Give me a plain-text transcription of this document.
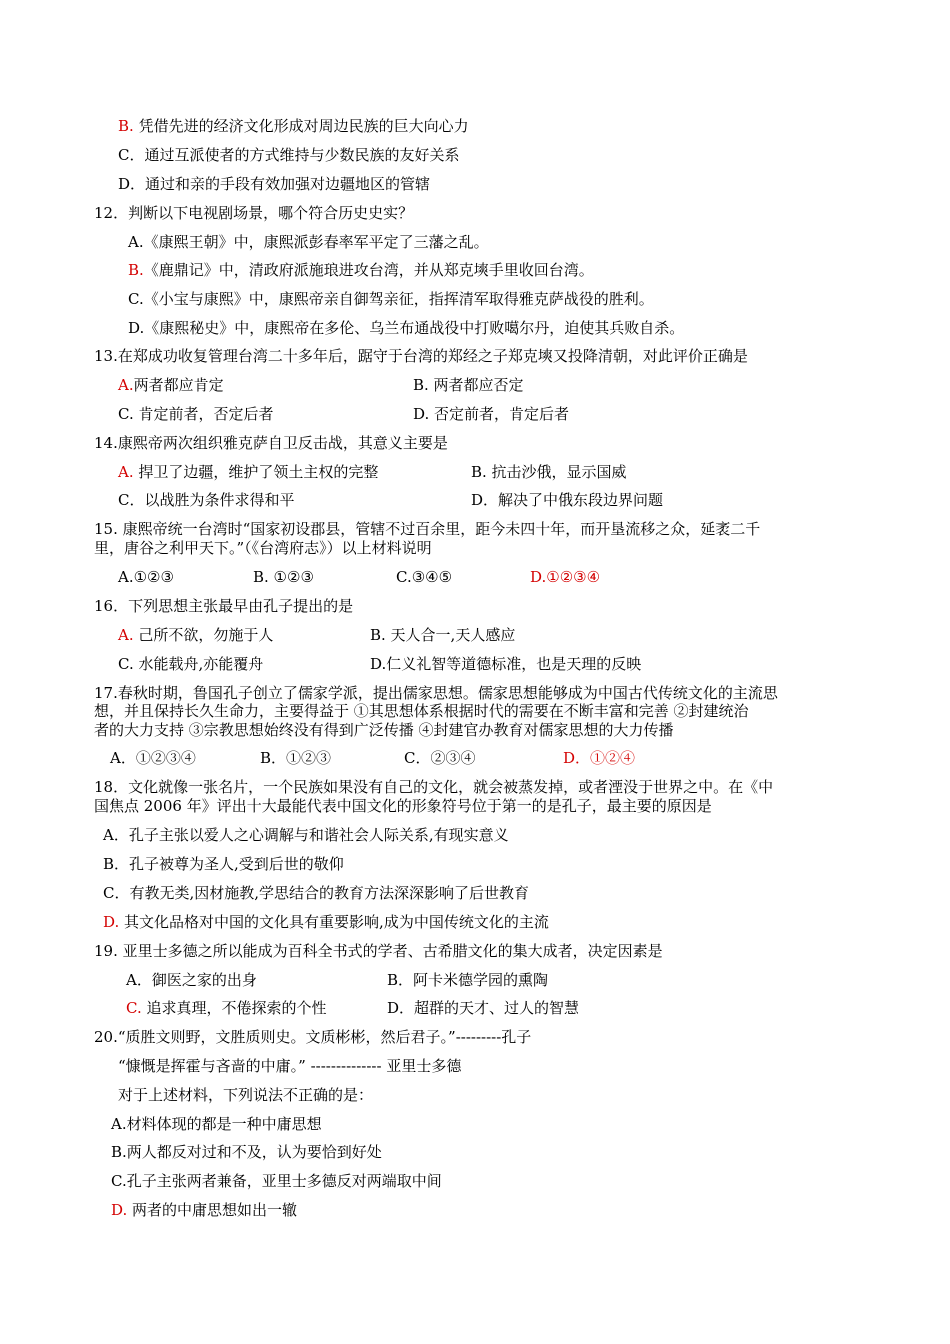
B. 凭借先进的经济文化形成对周边民族的巨大向心力
C．通过互派使者的方式维持与少数民族的友好关系
D．通过和亲的手段有效加强对边疆地区的管辖
12．判断以下电视剧场景，哪个符合历史史实？
A.《康熙王朝》中，康熙派彭春率军平定了三藩之乱。
B.《鹿鼎记》中，清政府派施琅进攻台湾，并从郑克塽手里收回台湾。
C.《小宝与康熙》中，康熙帝亲自御驾亲征，指挥清军取得雅克萨战役的胜利。
D.《康熙秘史》中，康熙帝在多伦、乌兰布通战役中打败噶尔丹，迫使其兵败自杀。
13.在郑成功收复管理台湾二十多年后，踞守于台湾的郑经之子郑克塽又投降清朝，对此评价正确是
A.两者都应肯定	B. 两者都应否定
C. 肯定前者，否定后者	D. 否定前者，肯定后者
14.康熙帝两次组织雅克萨自卫反击战，其意义主要是
A. 捍卫了边疆，维护了领土主权的完整	B. 抗击沙俄，显示国威
C．以战胜为条件求得和平	D．解决了中俄东段边界问题
15. 康熙帝统一台湾时“国家初设郡县，管辖不过百余里，距今未四十年，而开垦流移之众，延袤二千
里，唐谷之利甲天下。”（《台湾府志》）以上材料说明
A.①②③	B. ①②③	C.③④⑤	D.①②③④
16．下列思想主张最早由孔子提出的是
A. 己所不欲，勿施于人	B. 天人合一,天人感应
C. 水能载舟,亦能覆舟	D.仁义礼智等道德标准，也是天理的反映
17.春秋时期，鲁国孔子创立了儒家学派，提出儒家思想。儒家思想能够成为中国古代传统文化的主流思
想，并且保持长久生命力，主要得益于 ①其思想体系根据时代的需要在不断丰富和完善 ②封建统治
者的大力支持 ③宗教思想始终没有得到广泛传播 ④封建官办教育对儒家思想的大力传播
A．①②③④	B．①②③	C．②③④	D．①②④
18．文化就像一张名片，一个民族如果没有自己的文化，就会被蒸发掉，或者湮没于世界之中。在《中
国焦点 2006 年》评出十大最能代表中国文化的形象符号位于第一的是孔子，最主要的原因是
A．孔子主张以爱人之心调解与和谐社会人际关系,有现实意义
B．孔子被尊为圣人,受到后世的敬仰
C．有教无类,因材施教,学思结合的教育方法深深影响了后世教育
D. 其文化品格对中国的文化具有重要影响,成为中国传统文化的主流
19. 亚里士多德之所以能成为百科全书式的学者、古希腊文化的集大成者，决定因素是
A．御医之家的出身	B．阿卡米德学园的熏陶
C. 追求真理，不倦探索的个性	D．超群的天才、过人的智慧
20.“质胜文则野，文胜质则史。文质彬彬，然后君子。”---------孔子
“慷慨是挥霍与吝啬的中庸。” -------------- 亚里士多德
对于上述材料，下列说法不正确的是：
A.材料体现的都是一种中庸思想
B.两人都反对过和不及，认为要恰到好处
C.孔子主张两者兼备，亚里士多德反对两端取中间
D. 两者的中庸思想如出一辙
